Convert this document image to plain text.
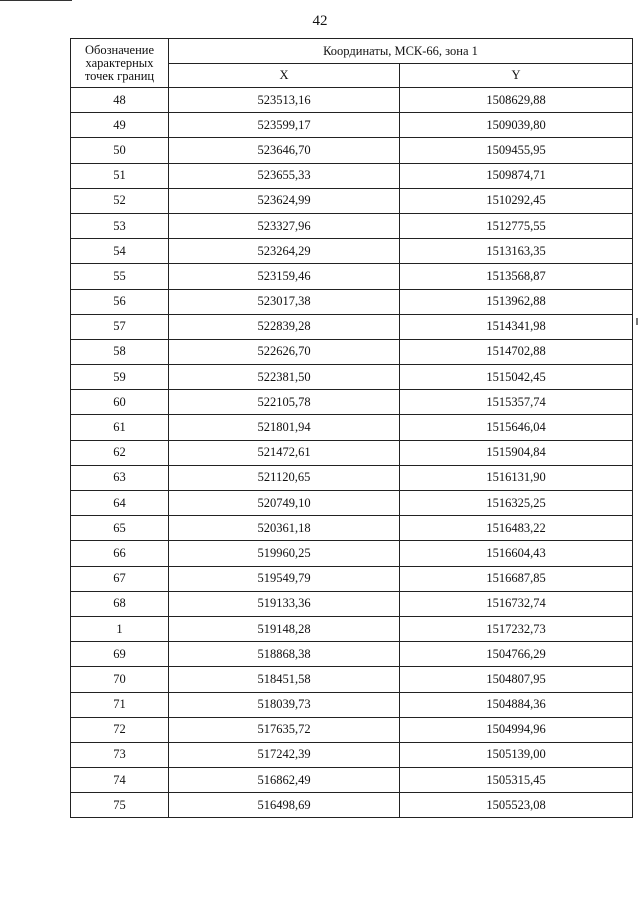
42
Обозначение
характерных
точек границ	Координаты, МСК-66, зона 1	
	X	Y
48	523513,16	1508629,88
49	523599,17	1509039,80
50	523646,70	1509455,95
51	523655,33	1509874,71
52	523624,99	1510292,45
53	523327,96	1512775,55
54	523264,29	1513163,35
55	523159,46	1513568,87
56	523017,38	1513962,88
57	522839,28	1514341,98
58	522626,70	1514702,88
59	522381,50	1515042,45
60	522105,78	1515357,74
61	521801,94	1515646,04
62	521472,61	1515904,84
63	521120,65	1516131,90
64	520749,10	1516325,25
65	520361,18	1516483,22
66	519960,25	1516604,43
67	519549,79	1516687,85
68	519133,36	1516732,74
1	519148,28	1517232,73
69	518868,38	1504766,29
70	518451,58	1504807,95
71	518039,73	1504884,36
72	517635,72	1504994,96
73	517242,39	1505139,00
74	516862,49	1505315,45
75	516498,69	1505523,08
